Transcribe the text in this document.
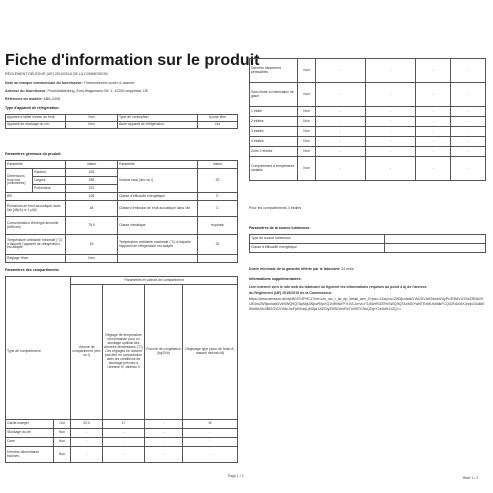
Fiche d'information sur le produit
RÈGLEMENT DÉLÉGUÉ (UE) 2019/2016 DE LA COMMISSION
Nom ou marque commerciale du fournisseur: Thermoelectric cooler & warmer
Adresse du fournisseur: Produktabteilung, Emil-Wagemann-Str. 1, 42283 wuppertal, DE
Référence du modèle: ABA-24X8
Type d'appareil de réfrigération:
Appareil à faible niveau de bruit:	Non	Type de conception:	à pose libre
Appareil de stockage du vin:	Non	Autre appareil de réfrigération:	Oui
Paramètres généraux du produit:
Paramètre		Valeur	Paramètre	Valeur
Dimensions hors tout (millimètres)	Hauteur	426	Volume total (dm³ ou l)	20
	Largeur	398		
	Profondeur	237		
IEE		108	Classe d'efficacité énergétique	E
Émissions de bruit acoustique dans l'air [dB(A) re 1 pW]		48	Classe d'émission de bruit acoustique dans l'air	C
Consommation d'énergie annuelle (kWh/an)		75,0	Classe climatique	tropicale
Température ambiante minimale (°C) à laquelle l'appareil de réfrigération est adapté		16	Température ambiante maximale (°C) à laquelle l'appareil de réfrigération est adapté	32
Réglage Hiver		Non		
Paramètres des compartiments:
		Paramètres et valeurs de compartiment			
Type de compartiment		Volume de compartiment (dm³ ou l)	Réglage de température recommandé pour un stockage optimal des denrées alimentaires (°C) Ces réglages ne doivent pas être en contradiction avec les conditions de stockage prévues à l'annexe IV, tableau 3	Pouvoir de congélation (kg/24h)	Dégivrage type (auto-de frost=A, manuel defrost=M)
Garde-manger	Oui	20,0	17	-	M
Stockage du vin	Non	-	-	-	-
Cave	Non	-	-	-	-
Denrées alimentaires fraîches	Non	-	-	-	-
Page 1 / 2
Denrées hautement périssables	Non	-	-	-	-
Sans étoile ou fabrication de glace	Non	-	-	-	-
1 étoile	Non	-	-	-	-
2 étoiles	Non	-	-	-	-
3 étoiles	Non	-	-	-	-
4 étoiles	Non	-	-	-	-
Zone 2 étoiles	Non	-	-	-	-
Compartiment à température variable	Non	-	-	-	-
Pour les compartiments 4 étoiles
Paramètres de la source lumineuse:
Type de source lumineuse	
Classe d'efficacité énergétique	
Durée minimale de la garantie offerte par le fabricant: 24 mois
Informations supplémentaires:
Lien internet vers le site web du fabricant où figurent les informations requises au point 4 a) de l'annexe
du Règlement (UE) 2019/2019 de la Commission:
https://www.amazon.de/dp/B07D3P9C17/ref=cm_sw_r_tw_dp_detail_aex_0?psc=1&spLa=ZW5jcnlwdGVkUXVhbGlmaWVyPUE3MVJGNzZRNkVKUE4mZW5jcnlwdGVkSWQ9QTAyMjk3NjczR0pXQ1NRMkFFV1VLJmVuY3J5cHRlZEFkSWQ9QTAzMDYwNTEzMUk5MkFCQ0ZNU05XJndpZGdldE5hbWU9c3BfZGV0YWlsJmFjdGlvbj1jbGlja1JlZGlyZWN0JmRvTm90TG9nQ2xpY2s9dHJ1ZQ==
Blatt: 1 / 2
